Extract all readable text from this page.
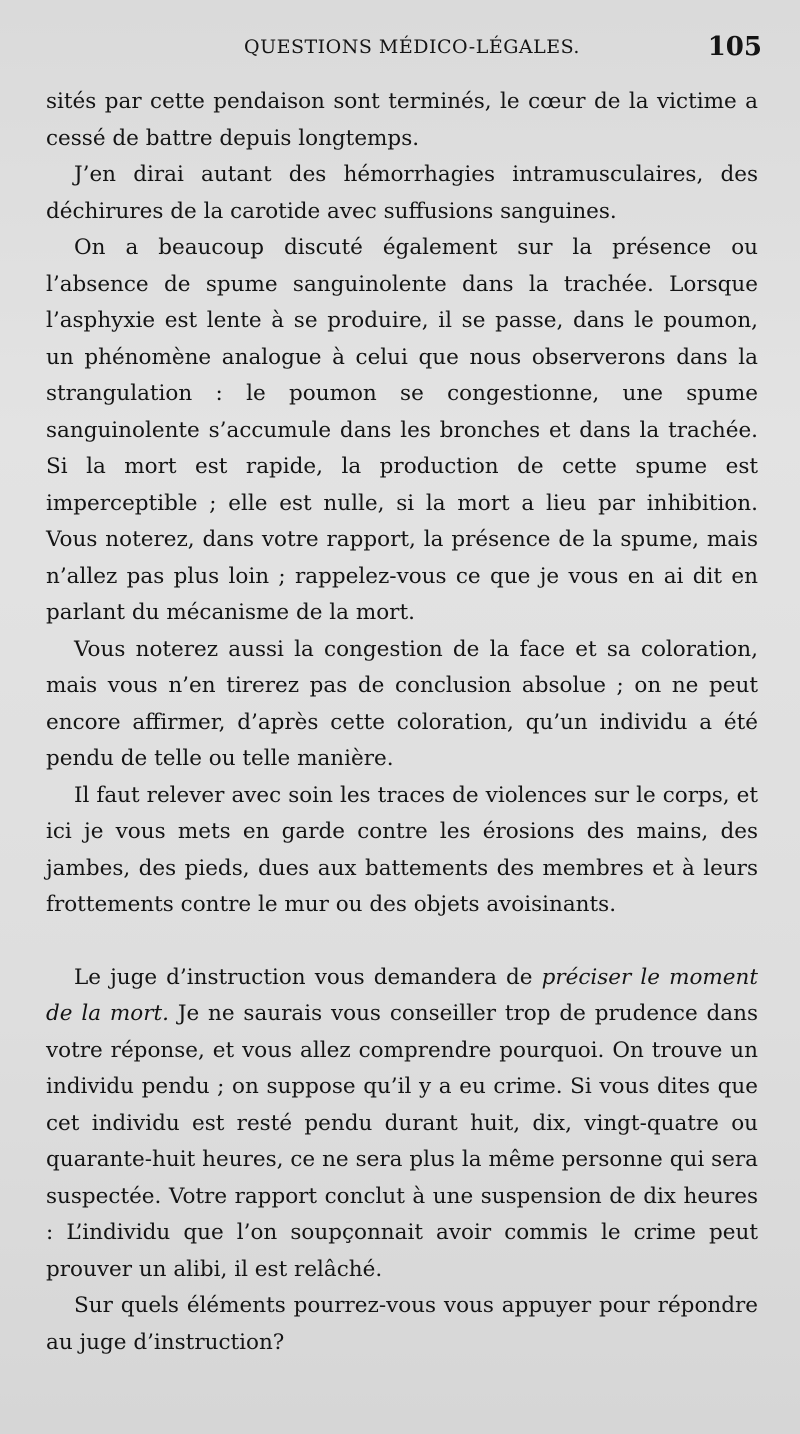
QUESTIONS MÉDICO-LÉGALES.	105

sités par cette pendaison sont terminés, le cœur de la victime a cessé de battre depuis longtemps.

J’en dirai autant des hémorrhagies intramusculaires, des déchirures de la carotide avec suffusions sanguines.

On a beaucoup discuté également sur la présence ou l’absence de spume sanguinolente dans la trachée. Lorsque l’asphyxie est lente à se produire, il se passe, dans le poumon, un phénomène analogue à celui que nous observerons dans la strangulation : le poumon se congestionne, une spume sanguinolente s’accumule dans les bronches et dans la trachée. Si la mort est rapide, la production de cette spume est imperceptible ; elle est nulle, si la mort a lieu par inhibition. Vous noterez, dans votre rapport, la présence de la spume, mais n’allez pas plus loin ; rappelez-vous ce que je vous en ai dit en parlant du mécanisme de la mort.

Vous noterez aussi la congestion de la face et sa coloration, mais vous n’en tirerez pas de conclusion absolue ; on ne peut encore affirmer, d’après cette coloration, qu’un individu a été pendu de telle ou telle manière.

Il faut relever avec soin les traces de violences sur le corps, et ici je vous mets en garde contre les érosions des mains, des jambes, des pieds, dues aux battements des membres et à leurs frottements contre le mur ou des objets avoisinants.

Le juge d’instruction vous demandera de préciser le moment de la mort. Je ne saurais vous conseiller trop de prudence dans votre réponse, et vous allez comprendre pourquoi. On trouve un individu pendu ; on suppose qu’il y a eu crime. Si vous dites que cet individu est resté pendu durant huit, dix, vingt-quatre ou quarante-huit heures, ce ne sera plus la même personne qui sera suspectée. Votre rapport conclut à une suspension de dix heures : L’individu que l’on soupçonnait avoir commis le crime peut prouver un alibi, il est relâché.

Sur quels éléments pourrez-vous vous appuyer pour répondre au juge d’instruction?
